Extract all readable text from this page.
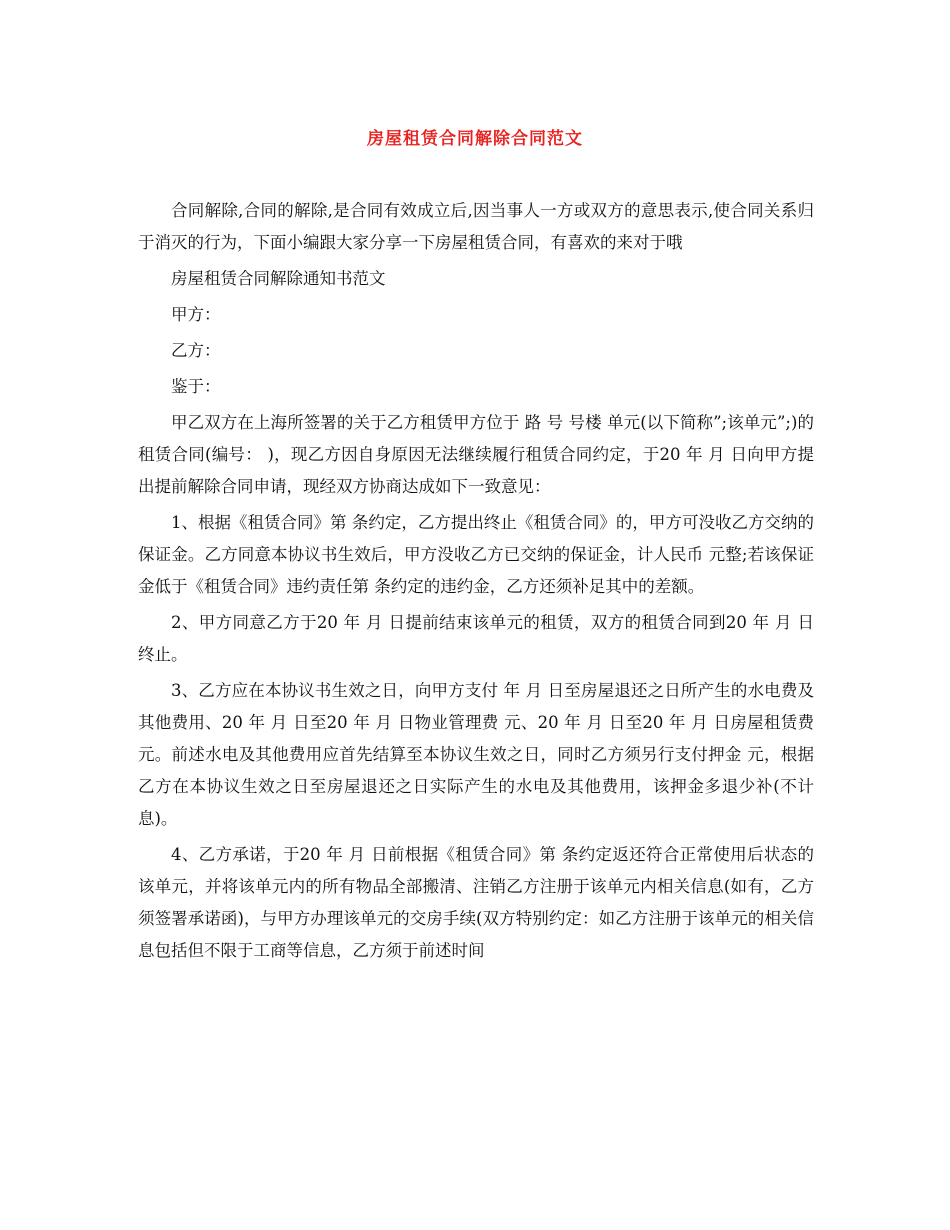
房屋租赁合同解除合同范文

合同解除,合同的解除,是合同有效成立后,因当事人一方或双方的意思表示,使合同关系归于消灭的行为，下面小编跟大家分享一下房屋租赁合同，有喜欢的来对于哦

房屋租赁合同解除通知书范文

甲方：

乙方：

鉴于：

甲乙双方在上海所签署的关于乙方租赁甲方位于 路 号 号楼 单元(以下简称”;该单元”;)的租赁合同(编号： )，现乙方因自身原因无法继续履行租赁合同约定，于20 年 月 日向甲方提出提前解除合同申请，现经双方协商达成如下一致意见：

1、根据《租赁合同》第 条约定，乙方提出终止《租赁合同》的，甲方可没收乙方交纳的保证金。乙方同意本协议书生效后，甲方没收乙方已交纳的保证金，计人民币 元整;若该保证金低于《租赁合同》违约责任第 条约定的违约金，乙方还须补足其中的差额。

2、甲方同意乙方于20 年 月 日提前结束该单元的租赁，双方的租赁合同到20 年 月 日终止。

3、乙方应在本协议书生效之日，向甲方支付 年 月 日至房屋退还之日所产生的水电费及其他费用、20 年 月 日至20 年 月 日物业管理费 元、20 年 月 日至20 年 月 日房屋租赁费 元。前述水电及其他费用应首先结算至本协议生效之日，同时乙方须另行支付押金 元，根据乙方在本协议生效之日至房屋退还之日实际产生的水电及其他费用，该押金多退少补(不计息)。

4、乙方承诺，于20 年 月 日前根据《租赁合同》第 条约定返还符合正常使用后状态的该单元，并将该单元内的所有物品全部搬清、注销乙方注册于该单元内相关信息(如有，乙方须签署承诺函)，与甲方办理该单元的交房手续(双方特别约定：如乙方注册于该单元的相关信息包括但不限于工商等信息，乙方须于前述时间
